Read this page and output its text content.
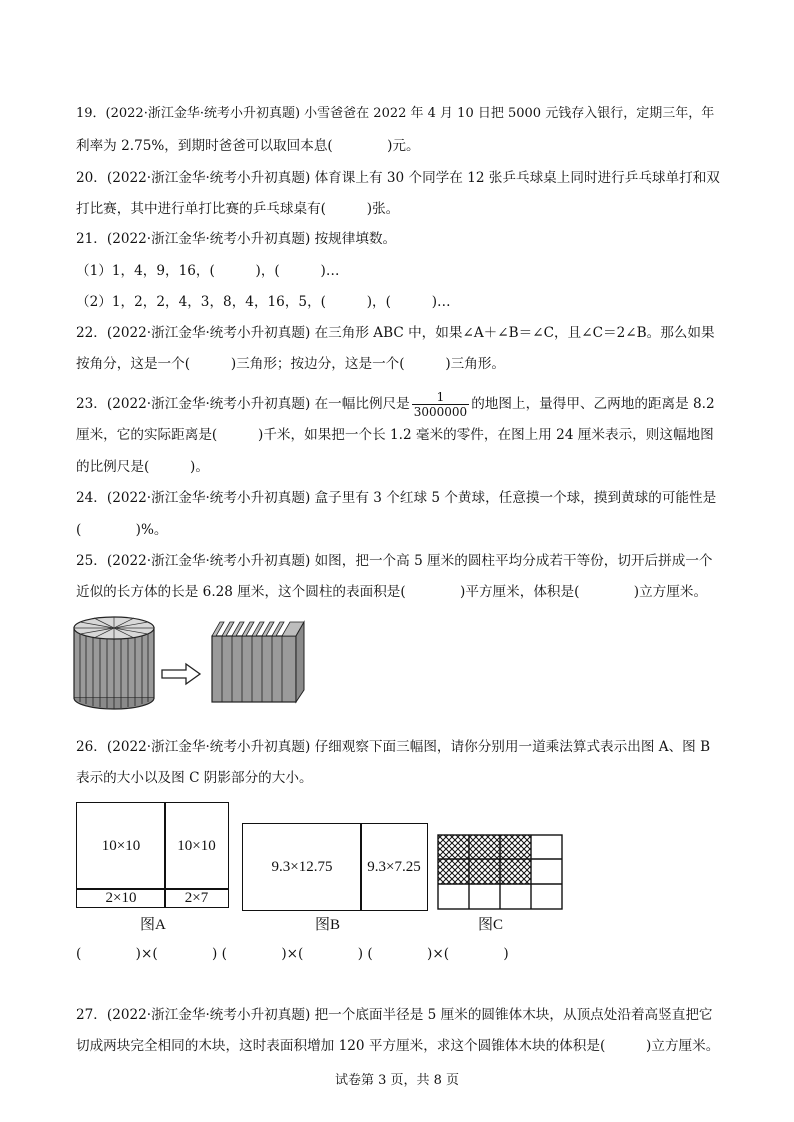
19．(2022·浙江金华·统考小升初真题) 小雪爸爸在 2022 年 4 月 10 日把 5000 元钱存入银行，定期三年，年
利率为 2.75%，到期时爸爸可以取回本息(　　　　)元。
20．(2022·浙江金华·统考小升初真题) 体育课上有 30 个同学在 12 张乒乓球桌上同时进行乒乓球单打和双
打比赛，其中进行单打比赛的乒乓球桌有(　　　)张。
21．(2022·浙江金华·统考小升初真题) 按规律填数。
（1）1，4，9，16，(　　　)，(　　　)…
（2）1，2，2，4，3，8，4，16，5，(　　　)，(　　　)…
22．(2022·浙江金华·统考小升初真题) 在三角形 ABC 中，如果∠A＋∠B＝∠C，且∠C＝2∠B。那么如果
按角分，这是一个(　　　)三角形；按边分，这是一个(　　　)三角形。
23．(2022·浙江金华·统考小升初真题) 在一幅比例尺是 $\frac{1}{3000000}$ 的地图上，量得甲、乙两地的距离是 8.2
厘米，它的实际距离是(　　　)千米，如果把一个长 1.2 毫米的零件，在图上用 24 厘米表示，则这幅地图
的比例尺是(　　　)。
24．(2022·浙江金华·统考小升初真题) 盒子里有 3 个红球 5 个黄球，任意摸一个球，摸到黄球的可能性是
(　　　　)%。
25．(2022·浙江金华·统考小升初真题) 如图，把一个高 5 厘米的圆柱平均分成若干等份，切开后拼成一个
近似的长方体的长是 6.28 厘米，这个圆柱的表面积是(　　　　)平方厘米，体积是(　　　　)立方厘米。
26．(2022·浙江金华·统考小升初真题) 仔细观察下面三幅图，请你分别用一道乘法算式表示出图 A、图 B
表示的大小以及图 C 阴影部分的大小。
10×10	10×10
2×10	2×7
图A
9.3×12.75	9.3×7.25
图B	图C
(　　　　)×(　　　　) (　　　　)×(　　　　) (　　　　)×(　　　　)
27．(2022·浙江金华·统考小升初真题) 把一个底面半径是 5 厘米的圆锥体木块，从顶点处沿着高竖直把它
切成两块完全相同的木块，这时表面积增加 120 平方厘米，求这个圆锥体木块的体积是(　　　)立方厘米。
试卷第 3 页，共 8 页
